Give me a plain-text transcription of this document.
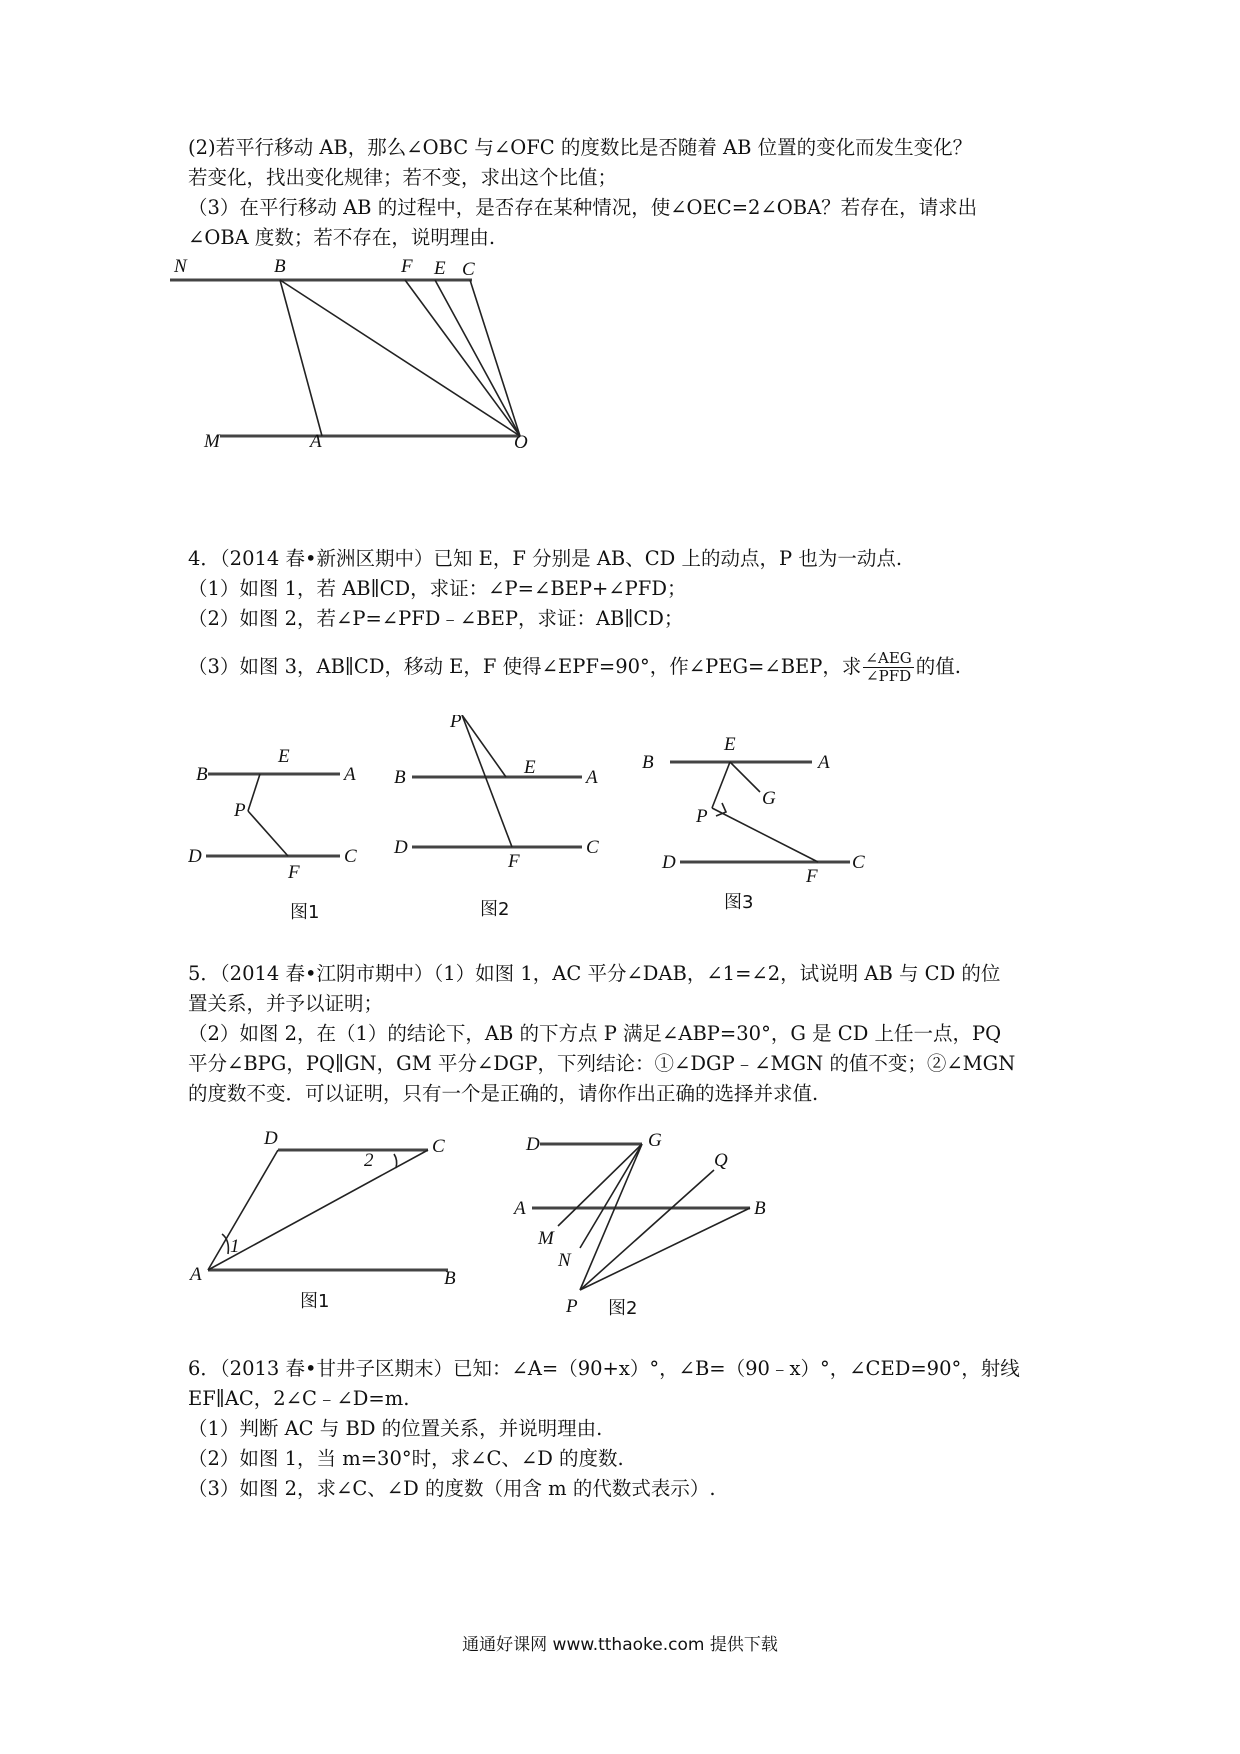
(2)若平行移动 AB，那么∠OBC 与∠OFC 的度数比是否随着 AB 位置的变化而发生变化？
若变化，找出变化规律；若不变，求出这个比值；
（3）在平行移动 AB 的过程中，是否存在某种情况，使∠OEC=2∠OBA？若存在，请求出
∠OBA 度数；若不存在，说明理由.
N	B	F E C
M	A	O
4．（2014 春•新洲区期中）已知 E，F 分别是 AB、CD 上的动点，P 也为一动点.
（1）如图 1，若 AB∥CD，求证：∠P=∠BEP+∠PFD；
（2）如图 2，若∠P=∠PFD﹣∠BEP，求证：AB∥CD；
（3）如图 3，AB∥CD，移动 E，F 使得∠EPF=90°，作∠PEG=∠BEP，求 $\frac{\text{∠AEG}}{\text{∠PFD}}$ 的值.
B
E
A
P
D
F
C
图1
P
B	E	A
D
F
C
图2
B
E
A
G
P
D
F
C
图3
5．（2014 春•江阴市期中）（1）如图 1，AC 平分∠DAB，∠1=∠2，试说明 AB 与 CD 的位
置关系，并予以证明；
（2）如图 2，在（1）的结论下，AB 的下方点 P 满足∠ABP=30°，G 是 CD 上任一点，PQ
平分∠BPG，PQ∥GN，GM 平分∠DGP，下列结论：①∠DGP﹣∠MGN 的值不变；②∠MGN
的度数不变．可以证明，只有一个是正确的，请你作出正确的选择并求值.
D	C
2
1
A	B
图1
D	G
Q
A	B
M
N
P 图2
6．（2013 春•甘井子区期末）已知：∠A=（90+x）°，∠B=（90﹣x）°，∠CED=90°，射线
EF∥AC，2∠C﹣∠D=m.
（1）判断 AC 与 BD 的位置关系，并说明理由.
（2）如图 1，当 m=30°时，求∠C、∠D 的度数.
（3）如图 2，求∠C、∠D 的度数（用含 m 的代数式表示）.
通通好课网 www.tthaoke.com 提供下载
